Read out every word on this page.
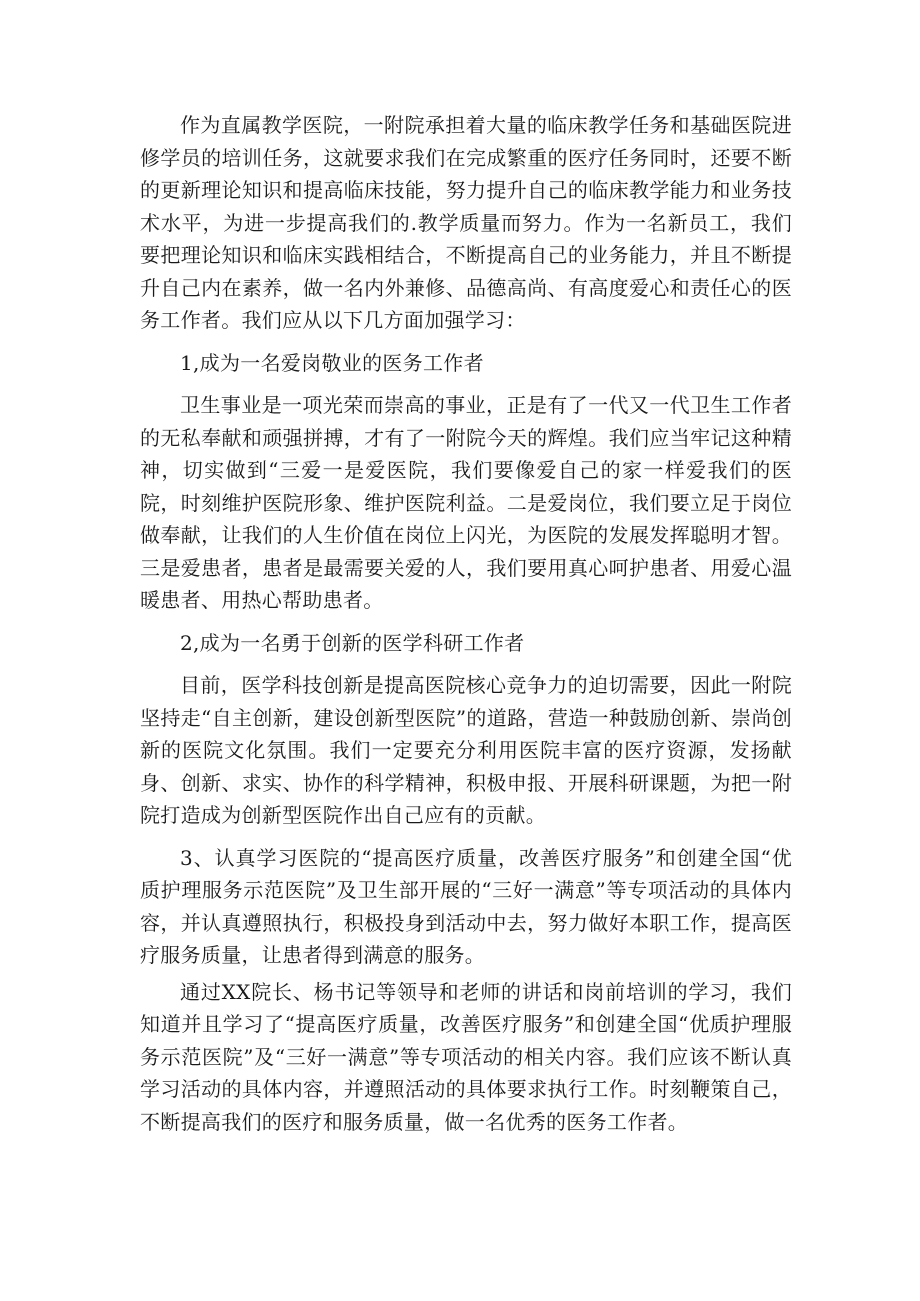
作为直属教学医院，一附院承担着大量的临床教学任务和基础医院进修学员的培训任务，这就要求我们在完成繁重的医疗任务同时，还要不断的更新理论知识和提高临床技能，努力提升自己的临床教学能力和业务技术水平，为进一步提高我们的.教学质量而努力。作为一名新员工，我们要把理论知识和临床实践相结合，不断提高自己的业务能力，并且不断提升自己内在素养，做一名内外兼修、品德高尚、有高度爱心和责任心的医务工作者。我们应从以下几方面加强学习：

1,成为一名爱岗敬业的医务工作者

卫生事业是一项光荣而崇高的事业，正是有了一代又一代卫生工作者的无私奉献和顽强拼搏，才有了一附院今天的辉煌。我们应当牢记这种精神，切实做到“三爱一是爱医院，我们要像爱自己的家一样爱我们的医院，时刻维护医院形象、维护医院利益。二是爱岗位，我们要立足于岗位做奉献，让我们的人生价值在岗位上闪光，为医院的发展发挥聪明才智。三是爱患者，患者是最需要关爱的人，我们要用真心呵护患者、用爱心温暖患者、用热心帮助患者。

2,成为一名勇于创新的医学科研工作者

目前，医学科技创新是提高医院核心竞争力的迫切需要，因此一附院坚持走“自主创新，建设创新型医院”的道路，营造一种鼓励创新、崇尚创新的医院文化氛围。我们一定要充分利用医院丰富的医疗资源，发扬献身、创新、求实、协作的科学精神，积极申报、开展科研课题，为把一附院打造成为创新型医院作出自己应有的贡献。

3、认真学习医院的“提高医疗质量，改善医疗服务”和创建全国“优质护理服务示范医院”及卫生部开展的“三好一满意”等专项活动的具体内容，并认真遵照执行，积极投身到活动中去，努力做好本职工作，提高医疗服务质量，让患者得到满意的服务。

通过XX院长、杨书记等领导和老师的讲话和岗前培训的学习，我们知道并且学习了“提高医疗质量，改善医疗服务”和创建全国“优质护理服务示范医院”及“三好一满意”等专项活动的相关内容。我们应该不断认真学习活动的具体内容，并遵照活动的具体要求执行工作。时刻鞭策自己，不断提高我们的医疗和服务质量，做一名优秀的医务工作者。
